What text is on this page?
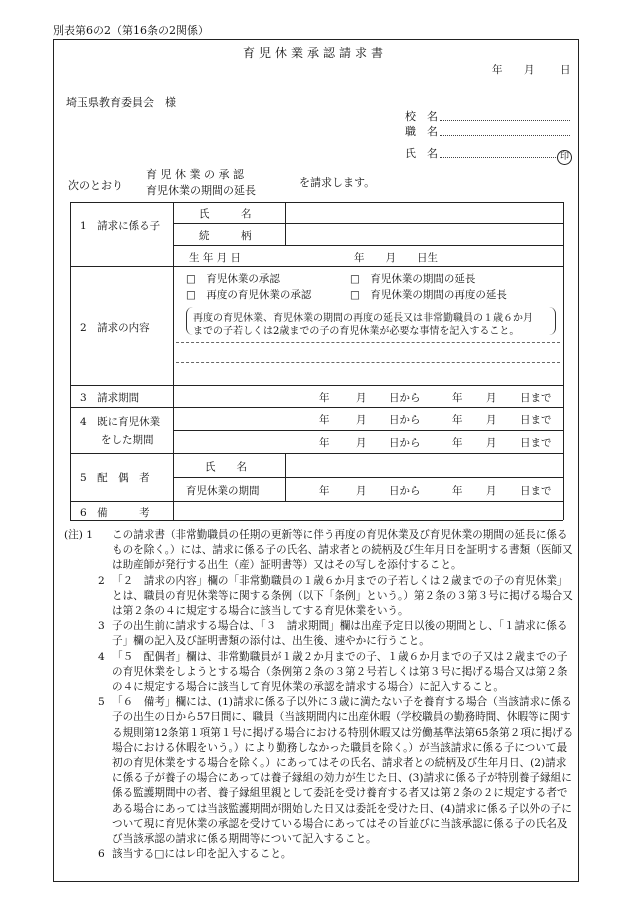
別表第6の2（第16条の2関係）
育児休業承認請求書
年 月 日
埼玉県教育委員会　様
校　名
職　名
氏　名	印
次のとおり
育 児 休 業 の 承 認
育児休業の期間の延長
を請求します。
1　請求に係る子
氏　　　名
続　　　柄
生 年 月 日	年　　月　　日生
2　請求の内容
□　育児休業の承認	□　育児休業の期間の延長
□　再度の育児休業の承認	□　育児休業の期間の再度の延長
再度の育児休業、育児休業の期間の再度の延長又は非常勤職員の１歳６か月
までの子若しくは2歳までの子の育児休業が必要な事情を記入すること。
3　請求期間	年	月 日から	年 月 日まで
4　既に育児休業
をした期間
年	月 日から	年 月 日まで
年	月 日から	年 月 日まで
5　配　偶　者
氏　　名
育児休業の期間	年	月 日から	年 月 日まで
6　備　　　考
(注) 1 この請求書（非常勤職員の任期の更新等に伴う再度の育児休業及び育児休業の期間の延長に係るものを除く。）には、請求に係る子の氏名、請求者との続柄及び生年月日を証明する書類（医師又は助産師が発行する出生（産）証明書等）又はその写しを添付すること。
2 「２　請求の内容」欄の「非常勤職員の１歳６か月までの子若しくは２歳までの子の育児休業」とは、職員の育児休業等に関する条例（以下「条例」という。）第２条の３第３号に掲げる場合又は第２条の４に規定する場合に該当してする育児休業をいう。
3 子の出生前に請求する場合は、「３　請求期間」欄は出産予定日以後の期間とし、「１請求に係る子」欄の記入及び証明書類の添付は、出生後、速やかに行うこと。
4 「５　配偶者」欄は、非常勤職員が１歳２か月までの子、１歳６か月までの子又は２歳までの子の育児休業をしようとする場合（条例第２条の３第２号若しくは第３号に掲げる場合又は第２条の４に規定する場合に該当して育児休業の承認を請求する場合）に記入すること。
5 「６　備考」欄には、(1)請求に係る子以外に３歳に満たない子を養育する場合（当該請求に係る子の出生の日から57日間に、職員（当該期間内に出産休暇（学校職員の勤務時間、休暇等に関する規則第12条第１項第１号に掲げる場合における特別休暇又は労働基準法第65条第２項に掲げる場合における休暇をいう。）により勤務しなかった職員を除く。）が当該請求に係る子について最初の育児休業をする場合を除く。）にあってはその氏名、請求者との続柄及び生年月日、(2)請求に係る子が養子の場合にあっては養子縁組の効力が生じた日、(3)請求に係る子が特別養子縁組に係る監護期間中の者、養子縁組里親として委託を受け養育する者又は第２条の２に規定する者である場合にあっては当該監護期間が開始した日又は委託を受けた日、(4)請求に係る子以外の子について現に育児休業の承認を受けている場合にあってはその旨並びに当該承認に係る子の氏名及び当該承認の請求に係る期間等について記入すること。
6 該当する□にはレ印を記入すること。
